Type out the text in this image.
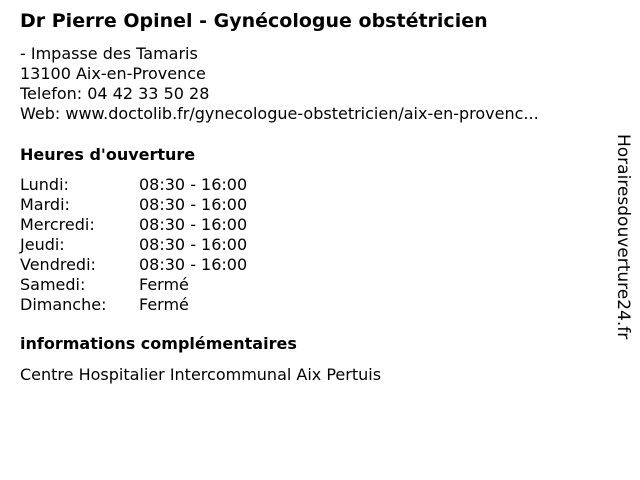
Dr Pierre Opinel - Gynécologue obstétricien
- Impasse des Tamaris
13100 Aix-en-Provence
Telefon: 04 42 33 50 28
Web: www.doctolib.fr/gynecologue-obstetricien/aix-en-provenc...
Heures d'ouverture
Lundi:	08:30 - 16:00
Mardi:	08:30 - 16:00
Mercredi:	08:30 - 16:00
Jeudi:	08:30 - 16:00
Vendredi:	08:30 - 16:00
Samedi:	Fermé
Dimanche: Fermé
informations complémentaires
Centre Hospitalier Intercommunal Aix Pertuis
Horairesdouverture24.fr
